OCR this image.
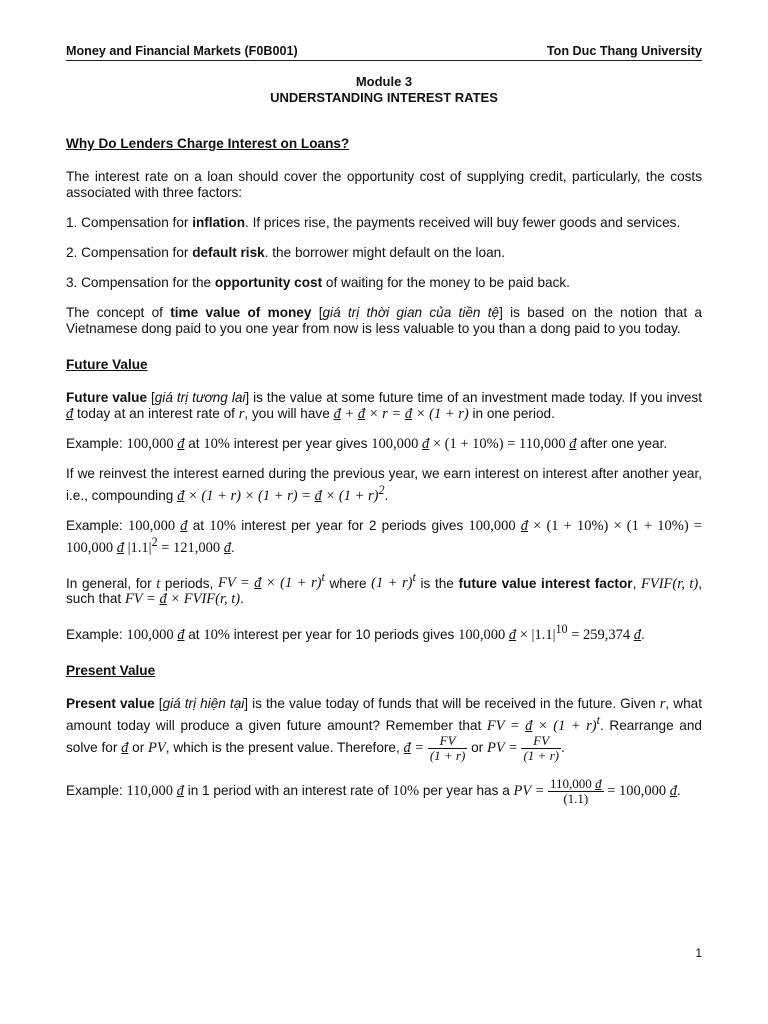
Money and Financial Markets (F0B001)	Ton Duc Thang University
Module 3
UNDERSTANDING INTEREST RATES

Why Do Lenders Charge Interest on Loans?

The interest rate on a loan should cover the opportunity cost of supplying credit, particularly, the costs associated with three factors:

1. Compensation for inflation. If prices rise, the payments received will buy fewer goods and services.

2. Compensation for default risk. the borrower might default on the loan.

3. Compensation for the opportunity cost of waiting for the money to be paid back.

The concept of time value of money [giá trị thời gian của tiền tệ] is based on the notion that a Vietnamese dong paid to you one year from now is less valuable to you than a dong paid to you today.

Future Value

Future value [giá trị tương lai] is the value at some future time of an investment made today. If you invest đ today at an interest rate of r, you will have đ + đ × r = đ × (1 + r) in one period.

Example: 100,000 đ at 10% interest per year gives 100,000 đ × (1 + 10%) = 110,000 đ after one year.

If we reinvest the interest earned during the previous year, we earn interest on interest after another year, i.e., compounding đ × (1 + r) × (1 + r) = đ × $(1 + r)^2$.

Example: 100,000 đ at 10% interest per year for 2 periods gives 100,000 đ × (1 + 10%) × (1 + 10%) = 100,000 đ $|1.1|^2 = 121,000$ đ.

In general, for t periods, FV = đ × $(1 + r)^t$ where $(1 + r)^t$ is the future value interest factor, FVIF(r, t), such that FV = đ × FVIF(r, t).

Example: 100,000 đ at 10% interest per year for 10 periods gives 100,000 đ × $|1.1|^{10} = 259,374$ đ.

Present Value

Present value [giá trị hiện tại] is the value today of funds that will be received in the future. Given r, what amount today will produce a given future amount? Remember that FV = đ × $(1 + r)^t$. Rearrange and solve for đ or PV, which is the present value. Therefore, đ = $\frac{FV}{(1 + r)}$ or PV = $\frac{FV}{(1 + r)}$ .

Example: 110,000 đ in 1 period with an interest rate of 10% per year has a PV = $\frac{110,000 đ}{(1.1)} = 100,000$ đ.

1
